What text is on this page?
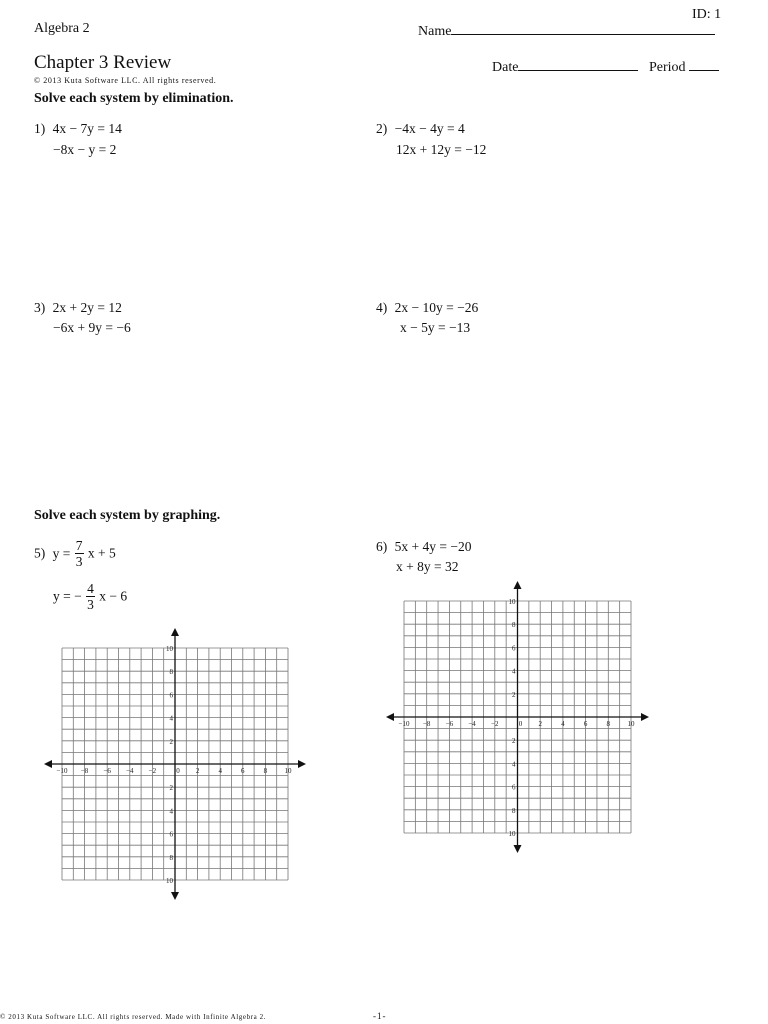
ID: 1
Algebra 2	Name
Chapter 3 Review
© 2013 Kuta Software LLC. All rights reserved.
Date	Period
Solve each system by elimination.
1) 4x − 7y = 14
−8x − y = 2
2) −4x − 4y = 4
12x + 12y = −12
3) 2x + 2y = 12
−6x + 9y = −6
4) 2x − 10y = −26
x − 5y = −13
Solve each system by graphing.
5) $y = \frac{7}{3}$ x + 5
y = − $\frac{4}{3}$ x − 6
6) 5x + 4y = −20
x + 8y = 32
−10 −8 −6 −4 −2	0 2	4	6	8 10
10
8
6
4
2
2
4
6
8
10
−10 −8 −6 −4 −2	0 2	4	6	8 10
10
8
6
4
2
2
4
6
8
10
© 2013 Kuta Software LLC. All rights reserved. Made with Infinite Algebra 2.	-1-
